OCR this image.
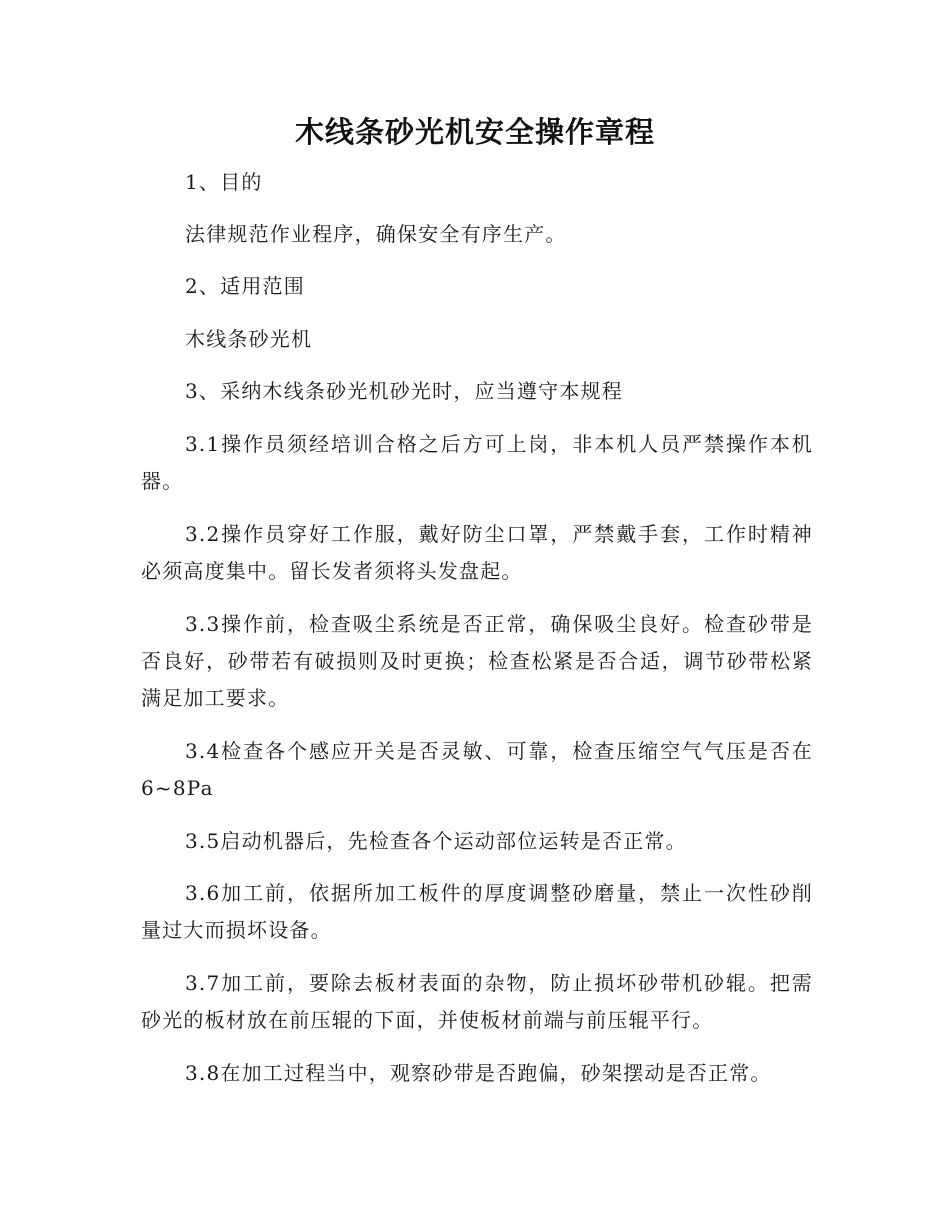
木线条砂光机安全操作章程

1、目的

法律规范作业程序，确保安全有序生产。

2、适用范围

木线条砂光机

3、采纳木线条砂光机砂光时，应当遵守本规程

3.1操作员须经培训合格之后方可上岗，非本机人员严禁操作本机器。

3.2操作员穿好工作服，戴好防尘口罩，严禁戴手套，工作时精神必须高度集中。留长发者须将头发盘起。

3.3操作前，检查吸尘系统是否正常，确保吸尘良好。检查砂带是否良好，砂带若有破损则及时更换；检查松紧是否合适，调节砂带松紧满足加工要求。

3.4检查各个感应开关是否灵敏、可靠，检查压缩空气气压是否在6~8Pa

3.5启动机器后，先检查各个运动部位运转是否正常。

3.6加工前，依据所加工板件的厚度调整砂磨量，禁止一次性砂削量过大而损坏设备。

3.7加工前，要除去板材表面的杂物，防止损坏砂带机砂辊。把需砂光的板材放在前压辊的下面，并使板材前端与前压辊平行。

3.8在加工过程当中，观察砂带是否跑偏，砂架摆动是否正常。
